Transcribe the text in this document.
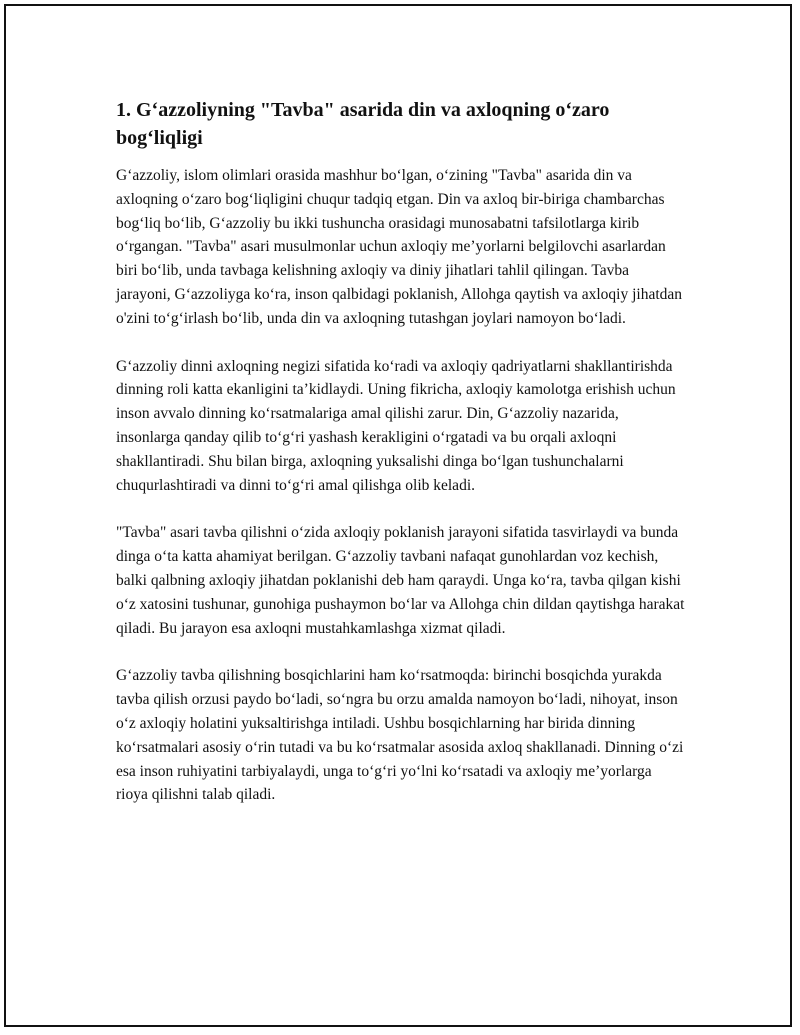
1. G‘azzoliyning "Tavba" asarida din va axloqning o‘zaro bog‘liqligi

G‘azzoliy, islom olimlari orasida mashhur bo‘lgan, o‘zining "Tavba" asarida din va axloqning o‘zaro bog‘liqligini chuqur tadqiq etgan. Din va axloq bir-biriga chambarchas bog‘liq bo‘lib, G‘azzoliy bu ikki tushuncha orasidagi munosabatni tafsilotlarga kirib o‘rgangan. "Tavba" asari musulmonlar uchun axloqiy me’yorlarni belgilovchi asarlardan biri bo‘lib, unda tavbaga kelishning axloqiy va diniy jihatlari tahlil qilingan. Tavba jarayoni, G‘azzoliyga ko‘ra, inson qalbidagi poklanish, Allohga qaytish va axloqiy jihatdan o'zini to‘g‘irlash bo‘lib, unda din va axloqning tutashgan joylari namoyon bo‘ladi.

G‘azzoliy dinni axloqning negizi sifatida ko‘radi va axloqiy qadriyatlarni shakllantirishda dinning roli katta ekanligini ta’kidlaydi. Uning fikricha, axloqiy kamolotga erishish uchun inson avvalo dinning ko‘rsatmalariga amal qilishi zarur. Din, G‘azzoliy nazarida, insonlarga qanday qilib to‘g‘ri yashash kerakligini o‘rgatadi va bu orqali axloqni shakllantiradi. Shu bilan birga, axloqning yuksalishi dinga bo‘lgan tushunchalarni chuqurlashtiradi va dinni to‘g‘ri amal qilishga olib keladi.

"Tavba" asari tavba qilishni o‘zida axloqiy poklanish jarayoni sifatida tasvirlaydi va bunda dinga o‘ta katta ahamiyat berilgan. G‘azzoliy tavbani nafaqat gunohlardan voz kechish, balki qalbning axloqiy jihatdan poklanishi deb ham qaraydi. Unga ko‘ra, tavba qilgan kishi o‘z xatosini tushunar, gunohiga pushaymon bo‘lar va Allohga chin dildan qaytishga harakat qiladi. Bu jarayon esa axloqni mustahkamlashga xizmat qiladi.

G‘azzoliy tavba qilishning bosqichlarini ham ko‘rsatmoqda: birinchi bosqichda yurakda tavba qilish orzusi paydo bo‘ladi, so‘ngra bu orzu amalda namoyon bo‘ladi, nihoyat, inson o‘z axloqiy holatini yuksaltirishga intiladi. Ushbu bosqichlarning har birida dinning ko‘rsatmalari asosiy o‘rin tutadi va bu ko‘rsatmalar asosida axloq shakllanadi. Dinning o‘zi esa inson ruhiyatini tarbiyalaydi, unga to‘g‘ri yo‘lni ko‘rsatadi va axloqiy me’yorlarga rioya qilishni talab qiladi.
